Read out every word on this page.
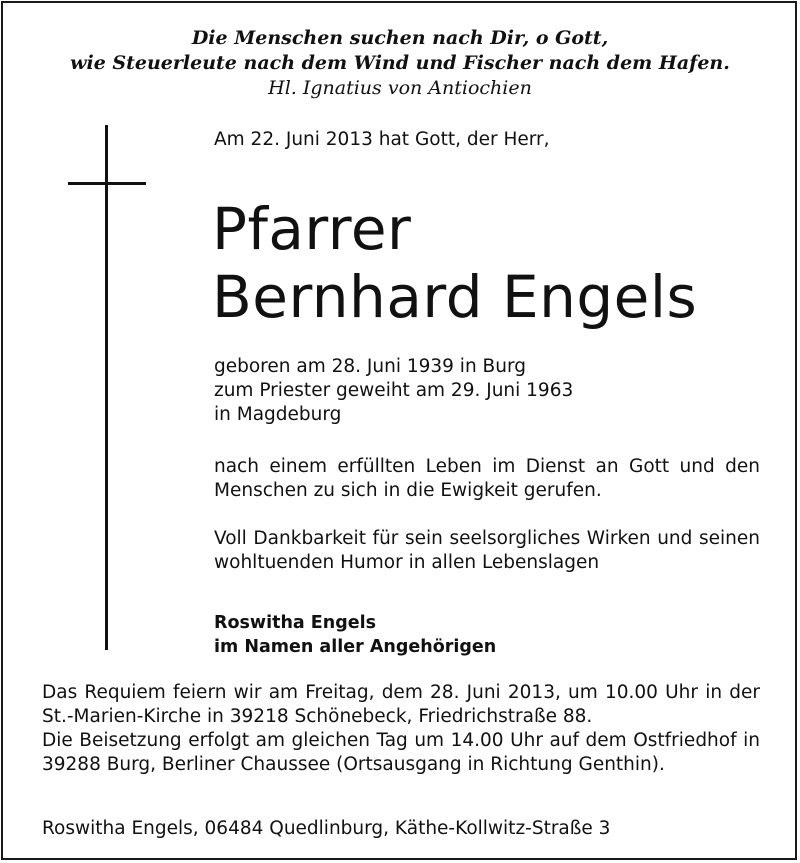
Die Menschen suchen nach Dir, o Gott,
wie Steuerleute nach dem Wind und Fischer nach dem Hafen.
Hl. Ignatius von Antiochien
Am 22. Juni 2013 hat Gott, der Herr,
Pfarrer
Bernhard Engels
geboren am 28. Juni 1939 in Burg
zum Priester geweiht am 29. Juni 1963
in Magdeburg
nach einem erfüllten Leben im Dienst an Gott und den Menschen zu sich in die Ewigkeit gerufen.
Voll Dankbarkeit für sein seelsorgliches Wirken und seinen wohltuenden Humor in allen Lebenslagen
Roswitha Engels
im Namen aller Angehörigen
Das Requiem feiern wir am Freitag, dem 28. Juni 2013, um 10.00 Uhr in der St.-Marien-Kirche in 39218 Schönebeck, Friedrichstraße 88.
Die Beisetzung erfolgt am gleichen Tag um 14.00 Uhr auf dem Ostfriedhof in 39288 Burg, Berliner Chaussee (Ortsausgang in Richtung Genthin).
Roswitha Engels, 06484 Quedlinburg, Käthe-Kollwitz-Straße 3
